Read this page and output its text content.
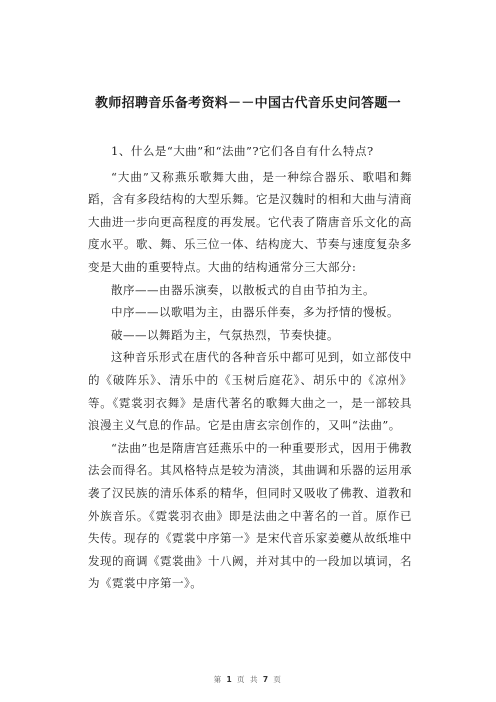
教师招聘音乐备考资料－－中国古代音乐史问答题一

1、什么是“大曲”和“法曲”?它们各自有什么特点?

“大曲”又称燕乐歌舞大曲，是一种综合器乐、歌唱和舞蹈，含有多段结构的大型乐舞。它是汉魏时的相和大曲与清商大曲进一步向更高程度的再发展。它代表了隋唐音乐文化的高度水平。歌、舞、乐三位一体、结构庞大、节奏与速度复杂多变是大曲的重要特点。大曲的结构通常分三大部分:

散序——由器乐演奏，以散板式的自由节拍为主。

中序——以歌唱为主，由器乐伴奏，多为抒情的慢板。

破——以舞蹈为主，气氛热烈，节奏快捷。

这种音乐形式在唐代的各种音乐中都可见到，如立部伎中的《破阵乐》、清乐中的《玉树后庭花》、胡乐中的《凉州》等。《霓裳羽衣舞》是唐代著名的歌舞大曲之一，是一部较具浪漫主义气息的作品。它是由唐玄宗创作的，又叫“法曲”。

“法曲”也是隋唐宫廷燕乐中的一种重要形式，因用于佛教法会而得名。其风格特点是较为清淡，其曲调和乐器的运用承袭了汉民族的清乐体系的精华，但同时又吸收了佛教、道教和外族音乐。《霓裳羽衣曲》即是法曲之中著名的一首。原作已失传。现存的《霓裳中序第一》是宋代音乐家姜夔从故纸堆中发现的商调《霓裳曲》十八阙，并对其中的一段加以填词，名为《霓裳中序第一》。

第 1 页 共 7 页
